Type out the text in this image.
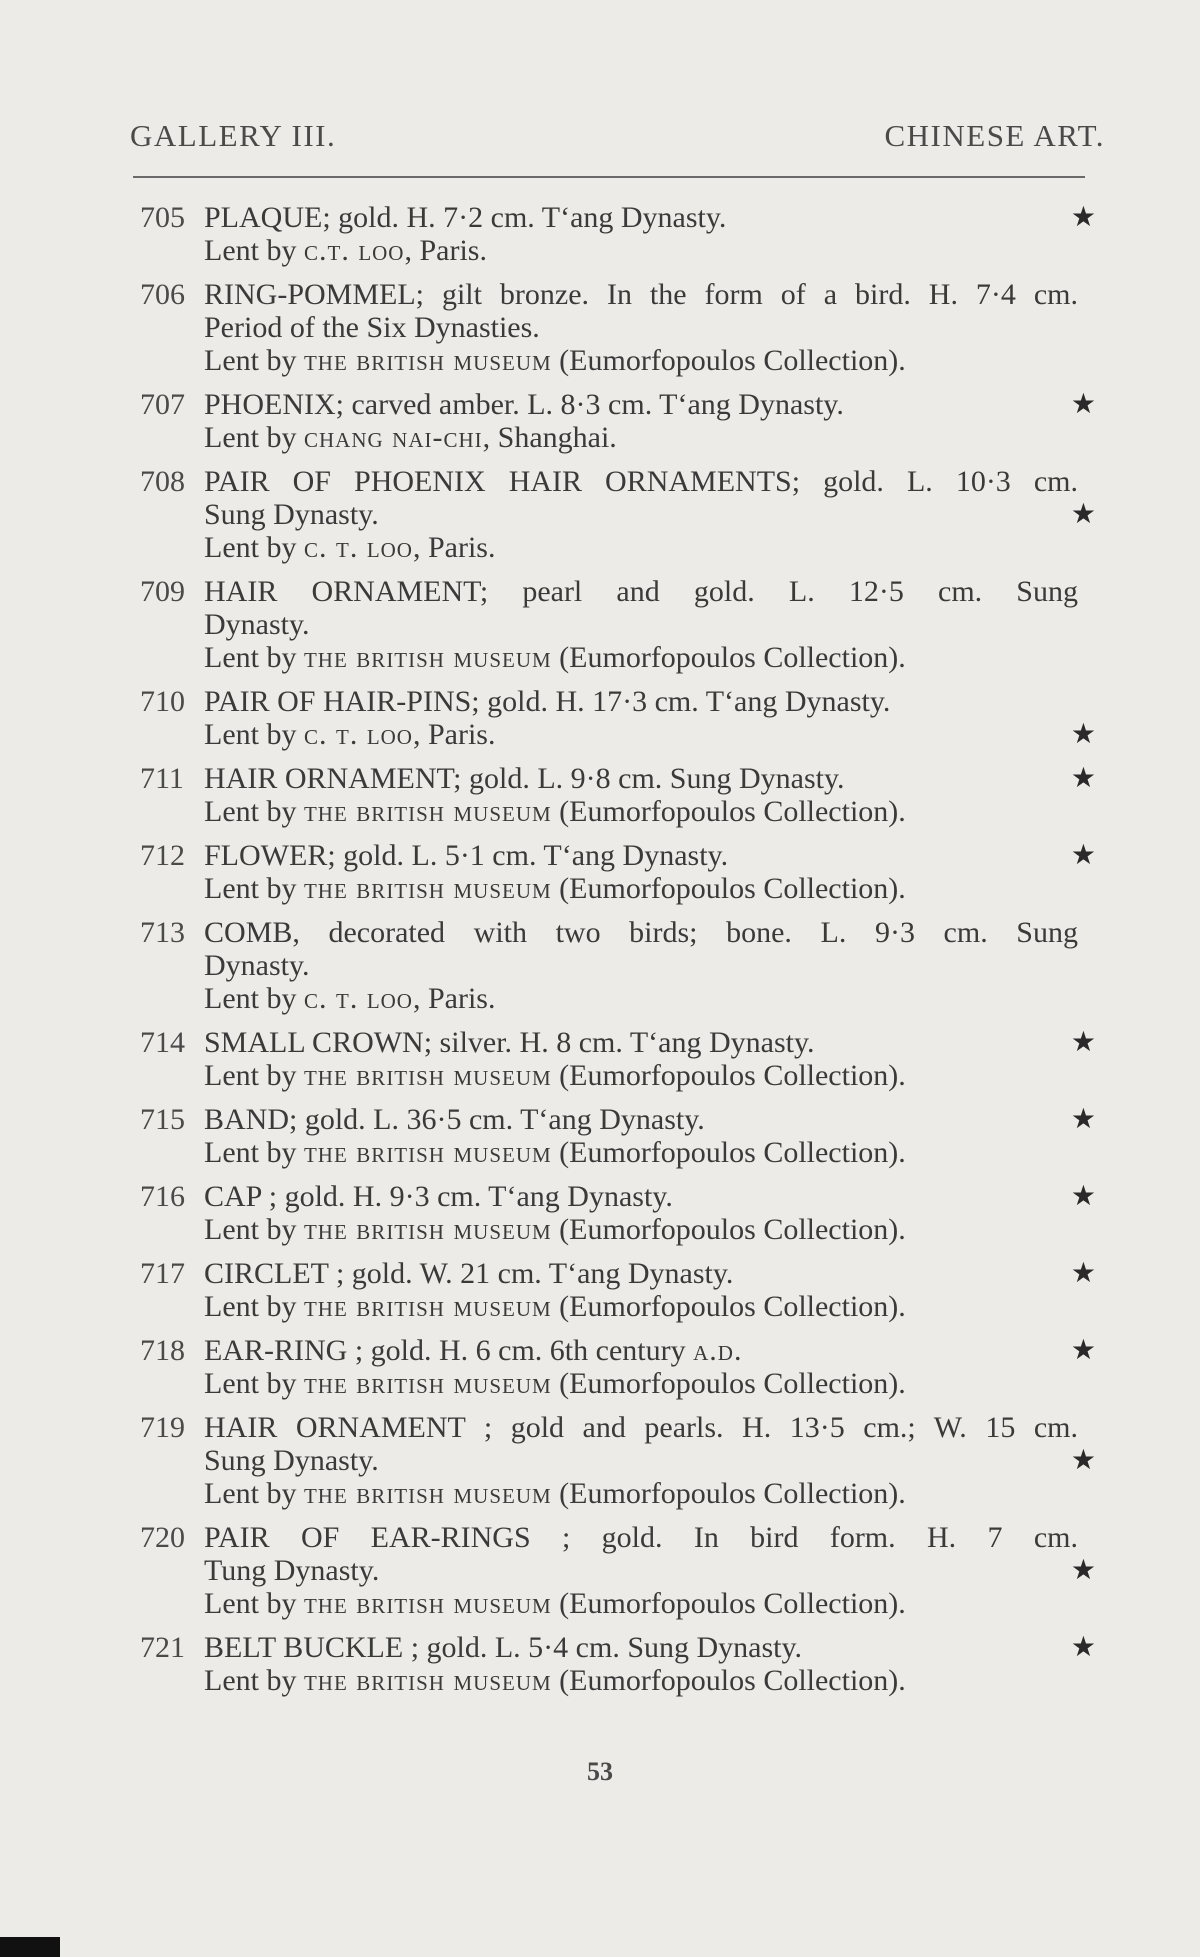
GALLERY III.	CHINESE ART.
705 PLAQUE; gold. H. 7·2 cm. T‘ang Dynasty.	★
Lent by c.t. loo, Paris.
706 RING-POMMEL; gilt bronze. In the form of a bird. H. 7·4 cm.
Period of the Six Dynasties.
Lent by the british museum (Eumorfopoulos Collection).
707 PHOENIX; carved amber. L. 8·3 cm. T‘ang Dynasty.	★
Lent by chang nai-chi, Shanghai.
708 PAIR OF PHOENIX HAIR ORNAMENTS; gold. L. 10·3 cm.
Sung Dynasty.	★
Lent by c. t. loo, Paris.
709 HAIR ORNAMENT; pearl and gold. L. 12·5 cm. Sung
Dynasty.
Lent by the british museum (Eumorfopoulos Collection).
710 PAIR OF HAIR-PINS; gold. H. 17·3 cm. T‘ang Dynasty.
Lent by c. t. loo, Paris.	★
711 HAIR ORNAMENT; gold. L. 9·8 cm. Sung Dynasty.	★
Lent by the british museum (Eumorfopoulos Collection).
712 FLOWER; gold. L. 5·1 cm. T‘ang Dynasty.	★
Lent by the british museum (Eumorfopoulos Collection).
713 COMB, decorated with two birds; bone. L. 9·3 cm. Sung
Dynasty.
Lent by c. t. loo, Paris.
714 SMALL CROWN; silver. H. 8 cm. T‘ang Dynasty.	★
Lent by the british museum (Eumorfopoulos Collection).
715 BAND; gold. L. 36·5 cm. T‘ang Dynasty.	★
Lent by the british museum (Eumorfopoulos Collection).
716 CAP ; gold. H. 9·3 cm. T‘ang Dynasty.	★
Lent by the british museum (Eumorfopoulos Collection).
717 CIRCLET ; gold. W. 21 cm. T‘ang Dynasty.	★
Lent by the british museum (Eumorfopoulos Collection).
718 EAR-RING ; gold. H. 6 cm. 6th century a.d.	★
Lent by the british museum (Eumorfopoulos Collection).
719 HAIR ORNAMENT ; gold and pearls. H. 13·5 cm.; W. 15 cm.
Sung Dynasty.	★
Lent by the british museum (Eumorfopoulos Collection).
720 PAIR OF EAR-RINGS ; gold. In bird form. H. 7 cm.
Tung Dynasty.	★
Lent by the british museum (Eumorfopoulos Collection).
721 BELT BUCKLE ; gold. L. 5·4 cm. Sung Dynasty.	★
Lent by the british museum (Eumorfopoulos Collection).
53
